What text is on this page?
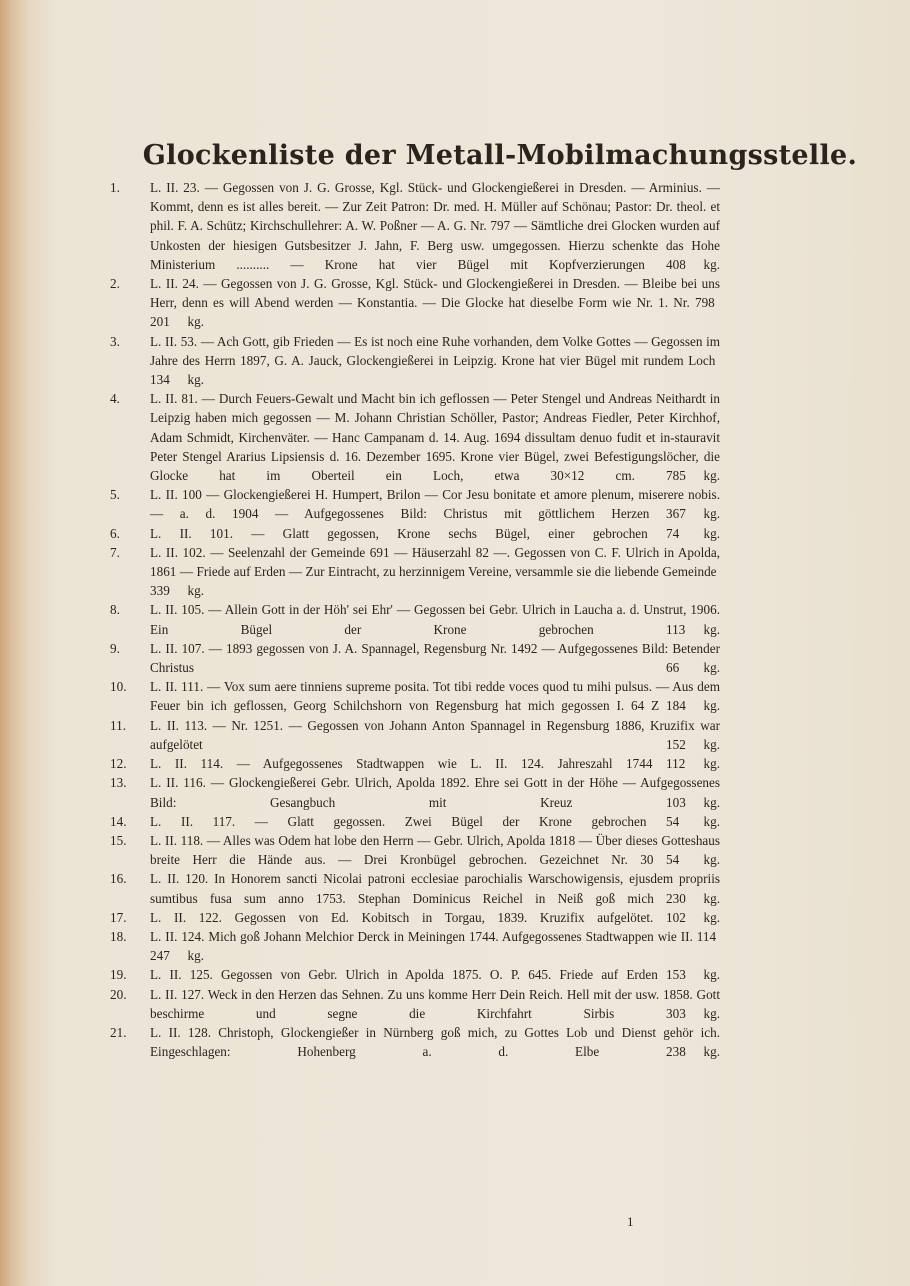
Glockenliste der Metall-Mobilmachungsstelle.
1.	L. II. 23. — Gegossen von J. G. Grosse, Kgl. Stück- und Glockengießerei in Dresden. — Arminius. — Kommt, denn es ist alles bereit. — Zur Zeit Patron: Dr. med. H. Müller auf Schönau; Pastor: Dr. theol. et phil. F. A. Schütz; Kirchschullehrer: A. W. Poßner — A. G. Nr. 797 — Sämtliche drei Glocken wurden auf Unkosten der hiesigen Gutsbesitzer J. Jahn, F. Berg usw. umgegossen. Hierzu schenkte das Hohe Ministerium .......... — Krone hat vier Bügel mit Kopfverzierungen 408 kg.
2.	L. II. 24. — Gegossen von J. G. Grosse, Kgl. Stück- und Glockengießerei in Dresden. — Bleibe bei uns Herr, denn es will Abend werden — Konstantia. — Die Glocke hat dieselbe Form wie Nr. 1. Nr. 798 201 kg.
3.	L. II. 53. — Ach Gott, gib Frieden — Es ist noch eine Ruhe vorhanden, dem Volke Gottes — Gegossen im Jahre des Herrn 1897, G. A. Jauck, Glockengießerei in Leipzig. Krone hat vier Bügel mit rundem Loch 134 kg.
4.	L. II. 81. — Durch Feuers-Gewalt und Macht bin ich geflossen — Peter Stengel und Andreas Neithardt in Leipzig haben mich gegossen — M. Johann Christian Schöller, Pastor; Andreas Fiedler, Peter Kirchhof, Adam Schmidt, Kirchenväter. — Hanc Campanam d. 14. Aug. 1694 dissultam denuo fudit et in-stauravit Peter Stengel Ararius Lipsiensis d. 16. Dezember 1695. Krone vier Bügel, zwei Befestigungslöcher, die Glocke hat im Oberteil ein Loch, etwa 30×12 cm. 785 kg.
5.	L. II. 100 — Glockengießerei H. Humpert, Brilon — Cor Jesu bonitate et amore plenum, miserere nobis. — a. d. 1904 — Aufgegossenes Bild: Christus mit göttlichem Herzen 367 kg.
6.	L. II. 101. — Glatt gegossen, Krone sechs Bügel, einer gebrochen 74 kg.
7.	L. II. 102. — Seelenzahl der Gemeinde 691 — Häuserzahl 82 —. Gegossen von C. F. Ulrich in Apolda, 1861 — Friede auf Erden — Zur Eintracht, zu herzinnigem Vereine, versammle sie die liebende Gemeinde 339 kg.
8.	L. II. 105. — Allein Gott in der Höh' sei Ehr' — Gegossen bei Gebr. Ulrich in Laucha a. d. Unstrut, 1906. Ein Bügel der Krone gebrochen	113 kg.
9.	L. II. 107. — 1893 gegossen von J. A. Spannagel, Regensburg Nr. 1492 — Aufgegossenes Bild: Betender Christus	66 kg.
10.	L. II. 111. — Vox sum aere tinniens supreme posita. Tot tibi redde voces quod tu mihi pulsus. — Aus dem Feuer bin ich geflossen, Georg Schilchshorn von Regensburg hat mich gegossen I. 64 Z 184 kg.
11.	L. II. 113. — Nr. 1251. — Gegossen von Johann Anton Spannagel in Regensburg 1886, Kruzifix war aufgelötet	152 kg.
12.	L. II. 114. — Aufgegossenes Stadtwappen wie L. II. 124. Jahreszahl 1744 112 kg.
13.	L. II. 116. — Glockengießerei Gebr. Ulrich, Apolda 1892. Ehre sei Gott in der Höhe — Aufgegossenes Bild: Gesangbuch mit Kreuz	103 kg.
14.	L. II. 117. — Glatt gegossen. Zwei Bügel der Krone gebrochen 54 kg.
15.	L. II. 118. — Alles was Odem hat lobe den Herrn — Gebr. Ulrich, Apolda 1818 — Über dieses Gotteshaus breite Herr die Hände aus. — Drei Kronbügel gebrochen. Gezeichnet Nr. 30 54 kg.
16.	L. II. 120. In Honorem sancti Nicolai patroni ecclesiae parochialis Warschowigensis, ejusdem propriis sumtibus fusa sum anno 1753. Stephan Dominicus Reichel in Neiß goß mich 230 kg.
17.	L. II. 122. Gegossen von Ed. Kobitsch in Torgau, 1839. Kruzifix aufgelötet. 102 kg.
18.	L. II. 124. Mich goß Johann Melchior Derck in Meiningen 1744. Aufgegossenes Stadtwappen wie II. 114 247 kg.
19.	L. II. 125. Gegossen von Gebr. Ulrich in Apolda 1875. O. P. 645. Friede auf Erden 153 kg.
20.	L. II. 127. Weck in den Herzen das Sehnen. Zu uns komme Herr Dein Reich. Hell mit der usw. 1858. Gott beschirme und segne die Kirchfahrt Sirbis	303 kg.
21.	L. II. 128. Christoph, Glockengießer in Nürnberg goß mich, zu Gottes Lob und Dienst gehör ich. Eingeschlagen: Hohenberg a. d. Elbe	238 kg.
1
